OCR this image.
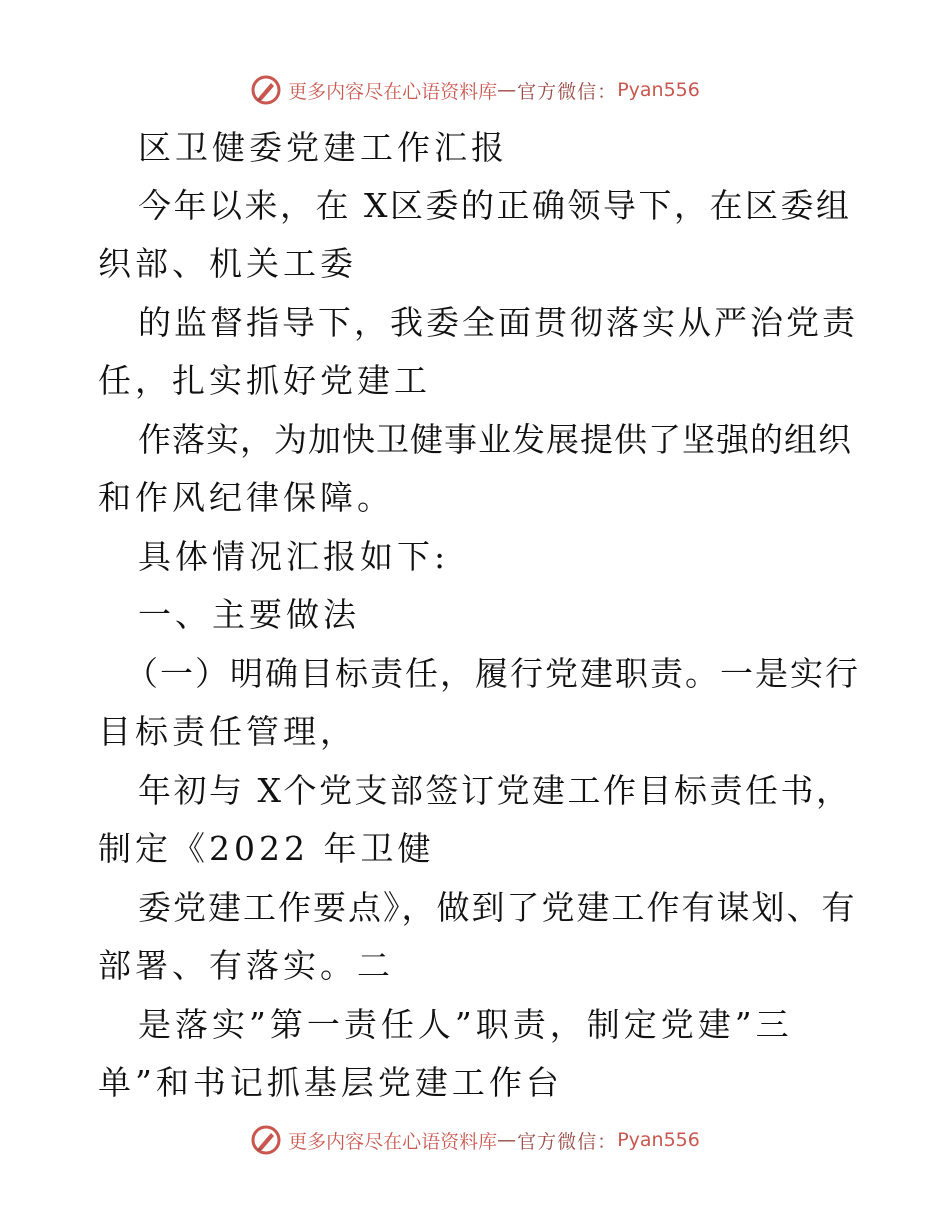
更多内容尽在心语资料库 — 官方微信： Pyan556
区卫健委党建工作汇报
今年以来，在 X区委的正确领导下，在区委组
织部、机关工委
的监督指导下，我委全面贯彻落实从严治党责
任，扎实抓好党建工
作落实，为加快卫健事业发展提供了坚强的组织
和作风纪律保障。
具体情况汇报如下:
一、主要做法
（一）明确目标责任，履行党建职责。一是实行
目标责任管理，
年初与 X个党支部签订党建工作目标责任书，
制定《2022 年卫健
委党建工作要点》，做到了党建工作有谋划、有
部署、有落实。二
是落实”第一责任人”职责，制定党建”三
单”和书记抓基层党建工作台
更多内容尽在心语资料库 — 官方微信： Pyan556
